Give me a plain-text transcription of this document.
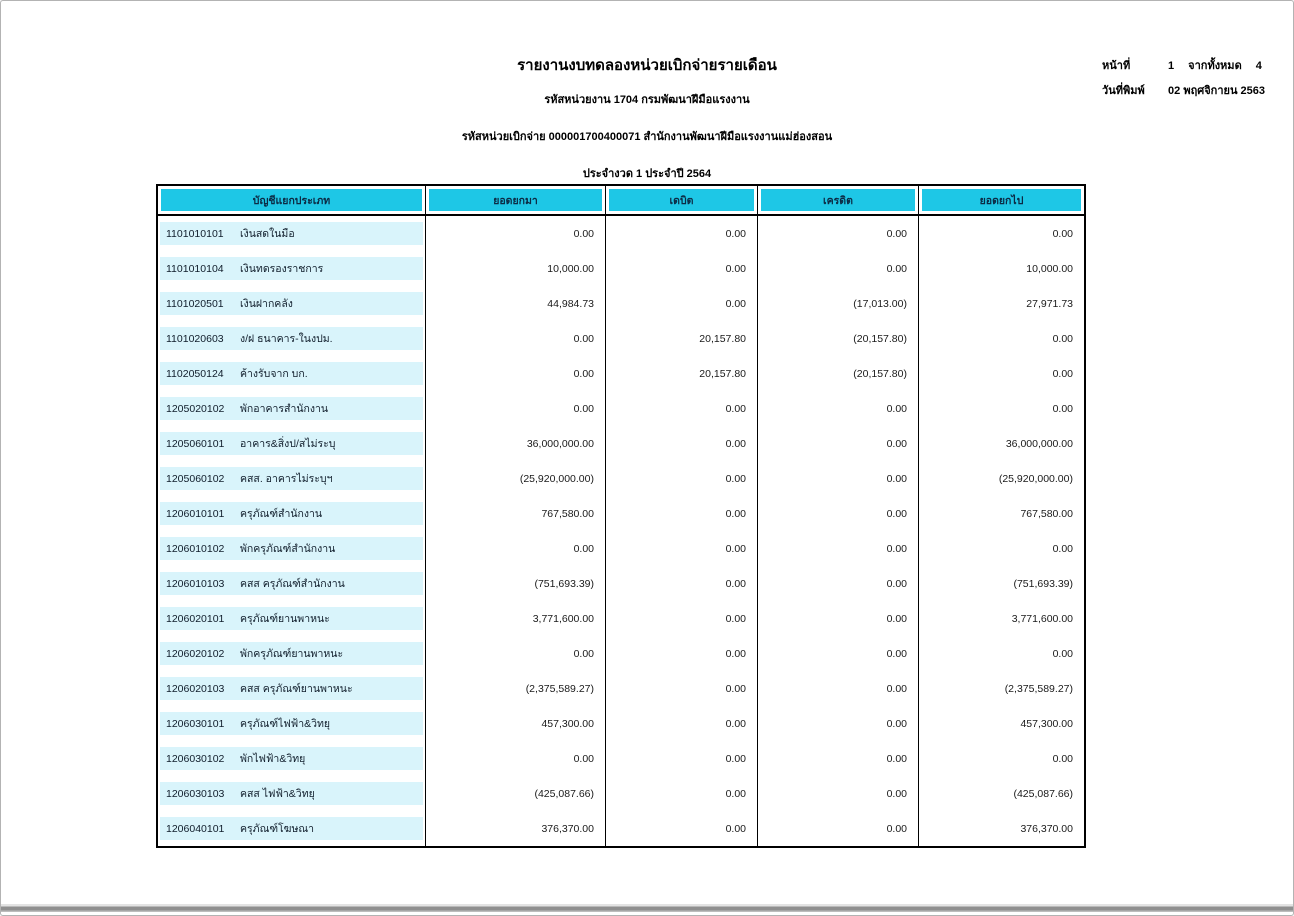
หน้าที่	1 จากทั้งหมด 4
วันที่พิมพ์	02 พฤศจิกายน 2563
รายงานงบทดลองหน่วยเบิกจ่ายรายเดือน
รหัสหน่วยงาน 1704 กรมพัฒนาฝีมือแรงงาน
รหัสหน่วยเบิกจ่าย 000001700400071 สำนักงานพัฒนาฝีมือแรงงานแม่ฮ่องสอน
ประจำงวด 1 ประจำปี 2564
บัญชีแยกประเภท	ยอดยกมา	เดบิต	เครดิต	ยอดยกไป
1101010101	เงินสดในมือ	0.00	0.00	0.00	0.00
1101010104	เงินทดรองราชการ	10,000.00	0.00	0.00	10,000.00
1101020501	เงินฝากคลัง	44,984.73	0.00	(17,013.00)	27,971.73
1101020603	ง/ฝ ธนาคาร-ในงปม.	0.00	20,157.80	(20,157.80)	0.00
1102050124	ค้างรับจาก บก.	0.00	20,157.80	(20,157.80)	0.00
1205020102	พักอาคารสำนักงาน	0.00	0.00	0.00	0.00
1205060101	อาคาร&สิ่งป/สไม่ระบุ	36,000,000.00	0.00	0.00	36,000,000.00
1205060102	คสส. อาคารไม่ระบุฯ	(25,920,000.00)	0.00	0.00	(25,920,000.00)
1206010101	ครุภัณฑ์สำนักงาน	767,580.00	0.00	0.00	767,580.00
1206010102	พักครุภัณฑ์สำนักงาน	0.00	0.00	0.00	0.00
1206010103	คสส ครุภัณฑ์สำนักงาน	(751,693.39)	0.00	0.00	(751,693.39)
1206020101	ครุภัณฑ์ยานพาหนะ	3,771,600.00	0.00	0.00	3,771,600.00
1206020102	พักครุภัณฑ์ยานพาหนะ	0.00	0.00	0.00	0.00
1206020103	คสส ครุภัณฑ์ยานพาหนะ	(2,375,589.27)	0.00	0.00	(2,375,589.27)
1206030101	ครุภัณฑ์ไฟฟ้า&วิทยุ	457,300.00	0.00	0.00	457,300.00
1206030102	พักไฟฟ้า&วิทยุ	0.00	0.00	0.00	0.00
1206030103	คสส ไฟฟ้า&วิทยุ	(425,087.66)	0.00	0.00	(425,087.66)
1206040101	ครุภัณฑ์โฆษณา	376,370.00	0.00	0.00	376,370.00
